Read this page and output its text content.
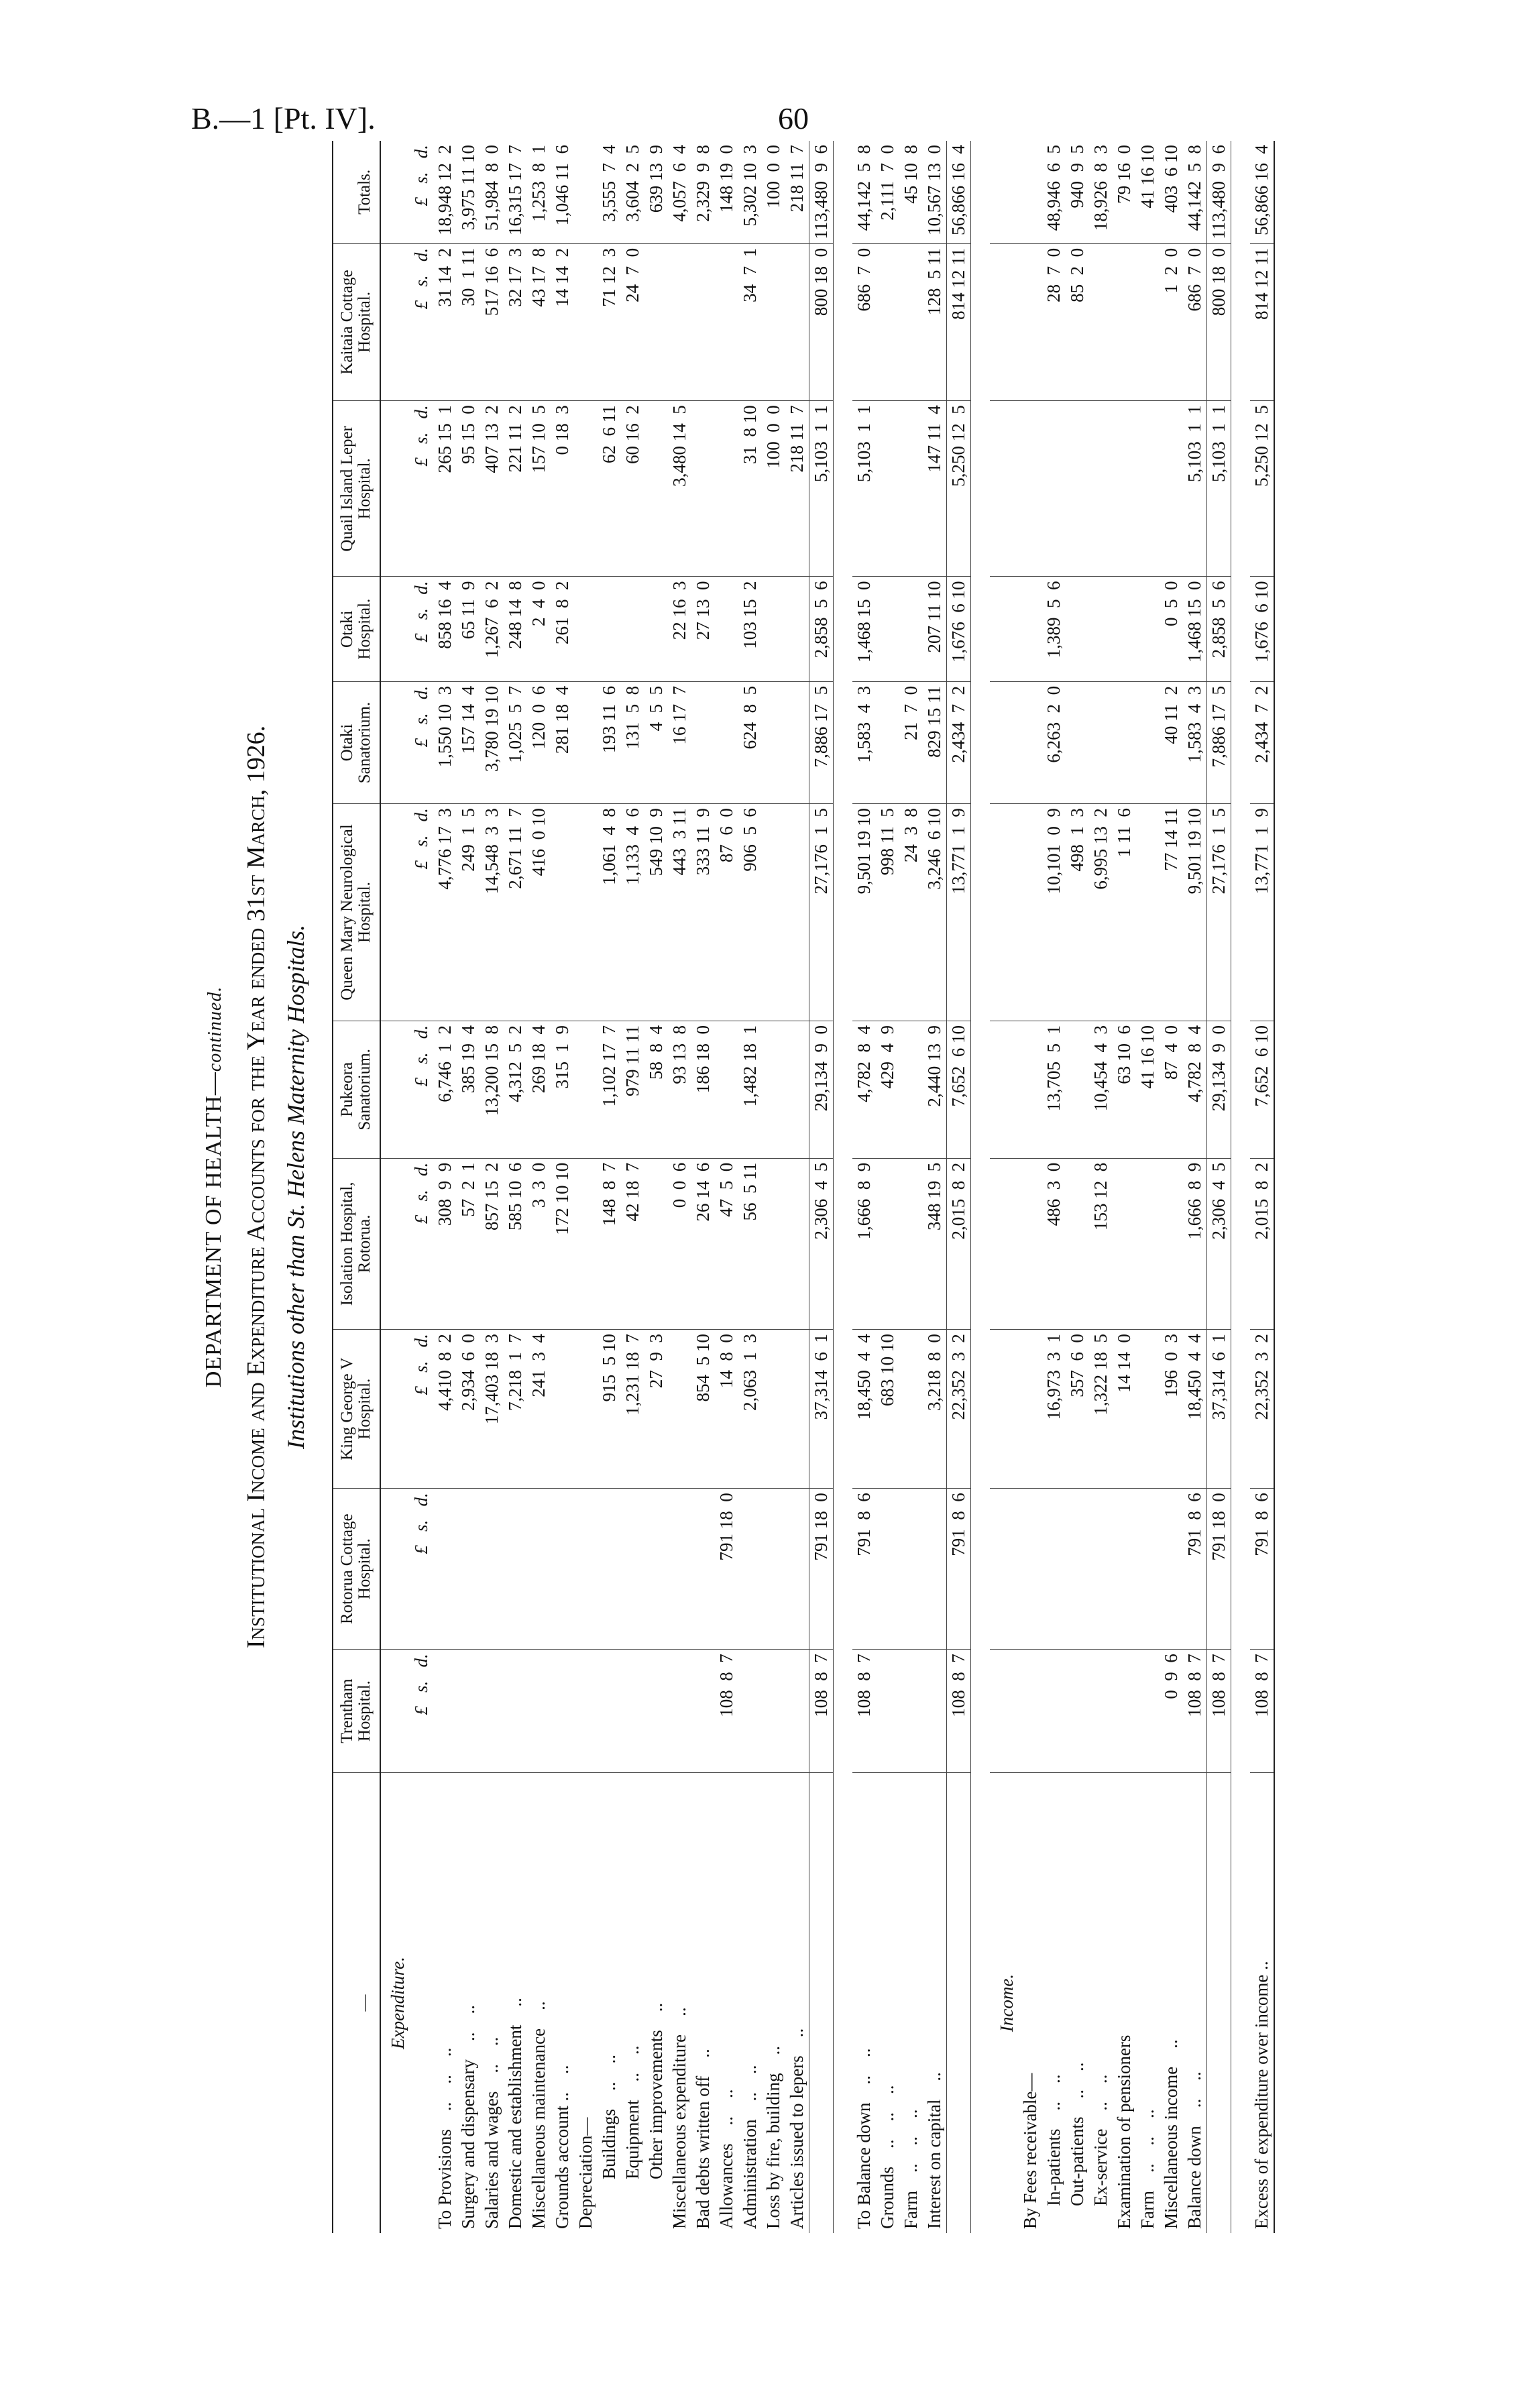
B.—1 [Pt. IV].	60
DEPARTMENT OF HEALTH—continued. Institutional Income and Expenditure Accounts for the Year ended 31st March, 1926. Institutions other than St. Helens Maternity Hospitals.
—	Trentham Hospital.	Rotorua Cottage Hospital.	King George V Hospital.	Isolation Hospital, Rotorua.	Pukeora Sanatorium.	Queen Mary Neurological Hospital.	Otaki Sanatorium.	Otaki Hospital.	Quail Island Leper Hospital.	Kaitaia Cottage Hospital.	Totals.
Expenditure.											
	£   s.   d.	£   s.   d.	£   s.   d.	£   s.   d.	£   s.   d.	£   s.   d.	£   s.   d.	£   s.   d.	£   s.   d.	£   s.   d.	£   s.   d.
To Provisions    ..    ..    ..			4,410  8  2	308  9  9	6,746  1  2	4,776 17  3	1,550 10  3	858 16  4	265 15  1	31 14  2	18,948 12  2
Surgery and dispensary    ..    ..			2,934  6  0	57  2  1	385 19  4	249  1  5	157 14  4	65 11  9	95 15  0	30  1 11	3,975 11 10
Salaries and wages    ..    ..			17,403 18  3	857 15  2	13,200 15  8	14,548  3  3	3,780 19 10	1,267  6  2	407 13  2	517 16  6	51,984  8  0
Domestic and establishment    ..			7,218  1  7	585 10  6	4,312  5  2	2,671 11  7	1,025  5  7	248 14  8	221 11  2	32 17  3	16,315 17  7
Miscellaneous maintenance    ..			241  3  4	3  3  0	269 18  4	416  0 10	120  0  6	2  4  0	157 10  5	43 17  8	1,253  8  1
Grounds account ..    ..				172 10 10	315  1  9		281 18  4	261  8  2	0 18  3	14 14  2	1,046 11  6
Depreciation—											
Buildings    ..    ..			915  5 10	148  8  7	1,102 17  7	1,061  4  8	193 11  6		62  6 11	71 12  3	3,555  7  4
Equipment    ..    ..			1,231 18  7	42 18  7	979 11 11	1,133  4  6	131  5  8		60 16  2	24  7  0	3,604  2  5
Other improvements    ..			27  9  3		58  8  4	549 10  9	4  5  5				639 13  9
Miscellaneous expenditure    ..				0  0  6	93 13  8	443  3 11	16 17  7	22 16  3	3,480 14  5		4,057  6  4
Bad debts written off    ..			854  5 10	26 14  6	186 18  0	333 11  9		27 13  0			2,329  9  8
Allowances    ..    ..	108  8  7	791 18  0	14  8  0	47  5  0		87  6  0					148 19  0
Administration    ..    ..			2,063  1  3	56  5 11	1,482 18  1	906  5  6	624  8  5	103 15  2	31  8 10	34  7  1	5,302 10  3
Loss by fire, building    ..									100  0  0		100  0  0
Articles issued to lepers    ..									218 11  7		218 11  7
	108  8  7	791 18  0	37,314  6  1	2,306  4  5	29,134  9  0	27,176  1  5	7,886 17  5	2,858  5  6	5,103  1  1	800 18  0	113,480  9  6

To Balance down    ..    ..	108  8  7	791  8  6	18,450  4  4	1,666  8  9	4,782  8  4	9,501 19 10	1,583  4  3	1,468 15  0	5,103  1  1	686  7  0	44,142  5  8
Grounds    ..    ..    ..			683 10 10		429  4  9	998 11  5					2,111  7  0
Farm    ..    ..    ..						24  3  8	21  7  0				45 10  8
Interest on capital    ..			3,218  8  0	348 19  5	2,440 13  9	3,246  6 10	829 15 11	207 11 10	147 11  4	128  5 11	10,567 13  0
	108  8  7	791  8  6	22,352  3  2	2,015  8  2	7,652  6 10	13,771  1  9	2,434  7  2	1,676  6 10	5,250 12  5	814 12 11	56,866 16  4

Income.											
By Fees receivable—											
In-patients    ..    ..			16,973  3  1	486  3  0	13,705  5  1	10,101  0  9	6,263  2  0	1,389  5  6		28  7  0	48,946  6  5
Out-patients    ..    ..			357  6  0			498  1  3				85  2  0	940  9  5
Ex-service    ..    ..			1,322 18  5	153 12  8	10,454  4  3	6,995 13  2					18,926  8  3
Examination of pensioners			14 14  0		63 10  6	1 11  6					79 16  0
Farm    ..    ..    ..					41 16 10						41 16 10
Miscellaneous income    ..	0  9  6		196  0  3		87  4  0	77 14 11	40 11  2	0  5  0		1  2  0	403  6 10
Balance down    ..    ..	108  8  7	791  8  6	18,450  4  4	1,666  8  9	4,782  8  4	9,501 19 10	1,583  4  3	1,468 15  0	5,103  1  1	686  7  0	44,142  5  8
	108  8  7	791 18  0	37,314  6  1	2,306  4  5	29,134  9  0	27,176  1  5	7,886 17  5	2,858  5  6	5,103  1  1	800 18  0	113,480  9  6

Excess of expenditure over income ..	108  8  7	791  8  6	22,352  3  2	2,015  8  2	7,652  6 10	13,771  1  9	2,434  7  2	1,676  6 10	5,250 12  5	814 12 11	56,866 16  4
